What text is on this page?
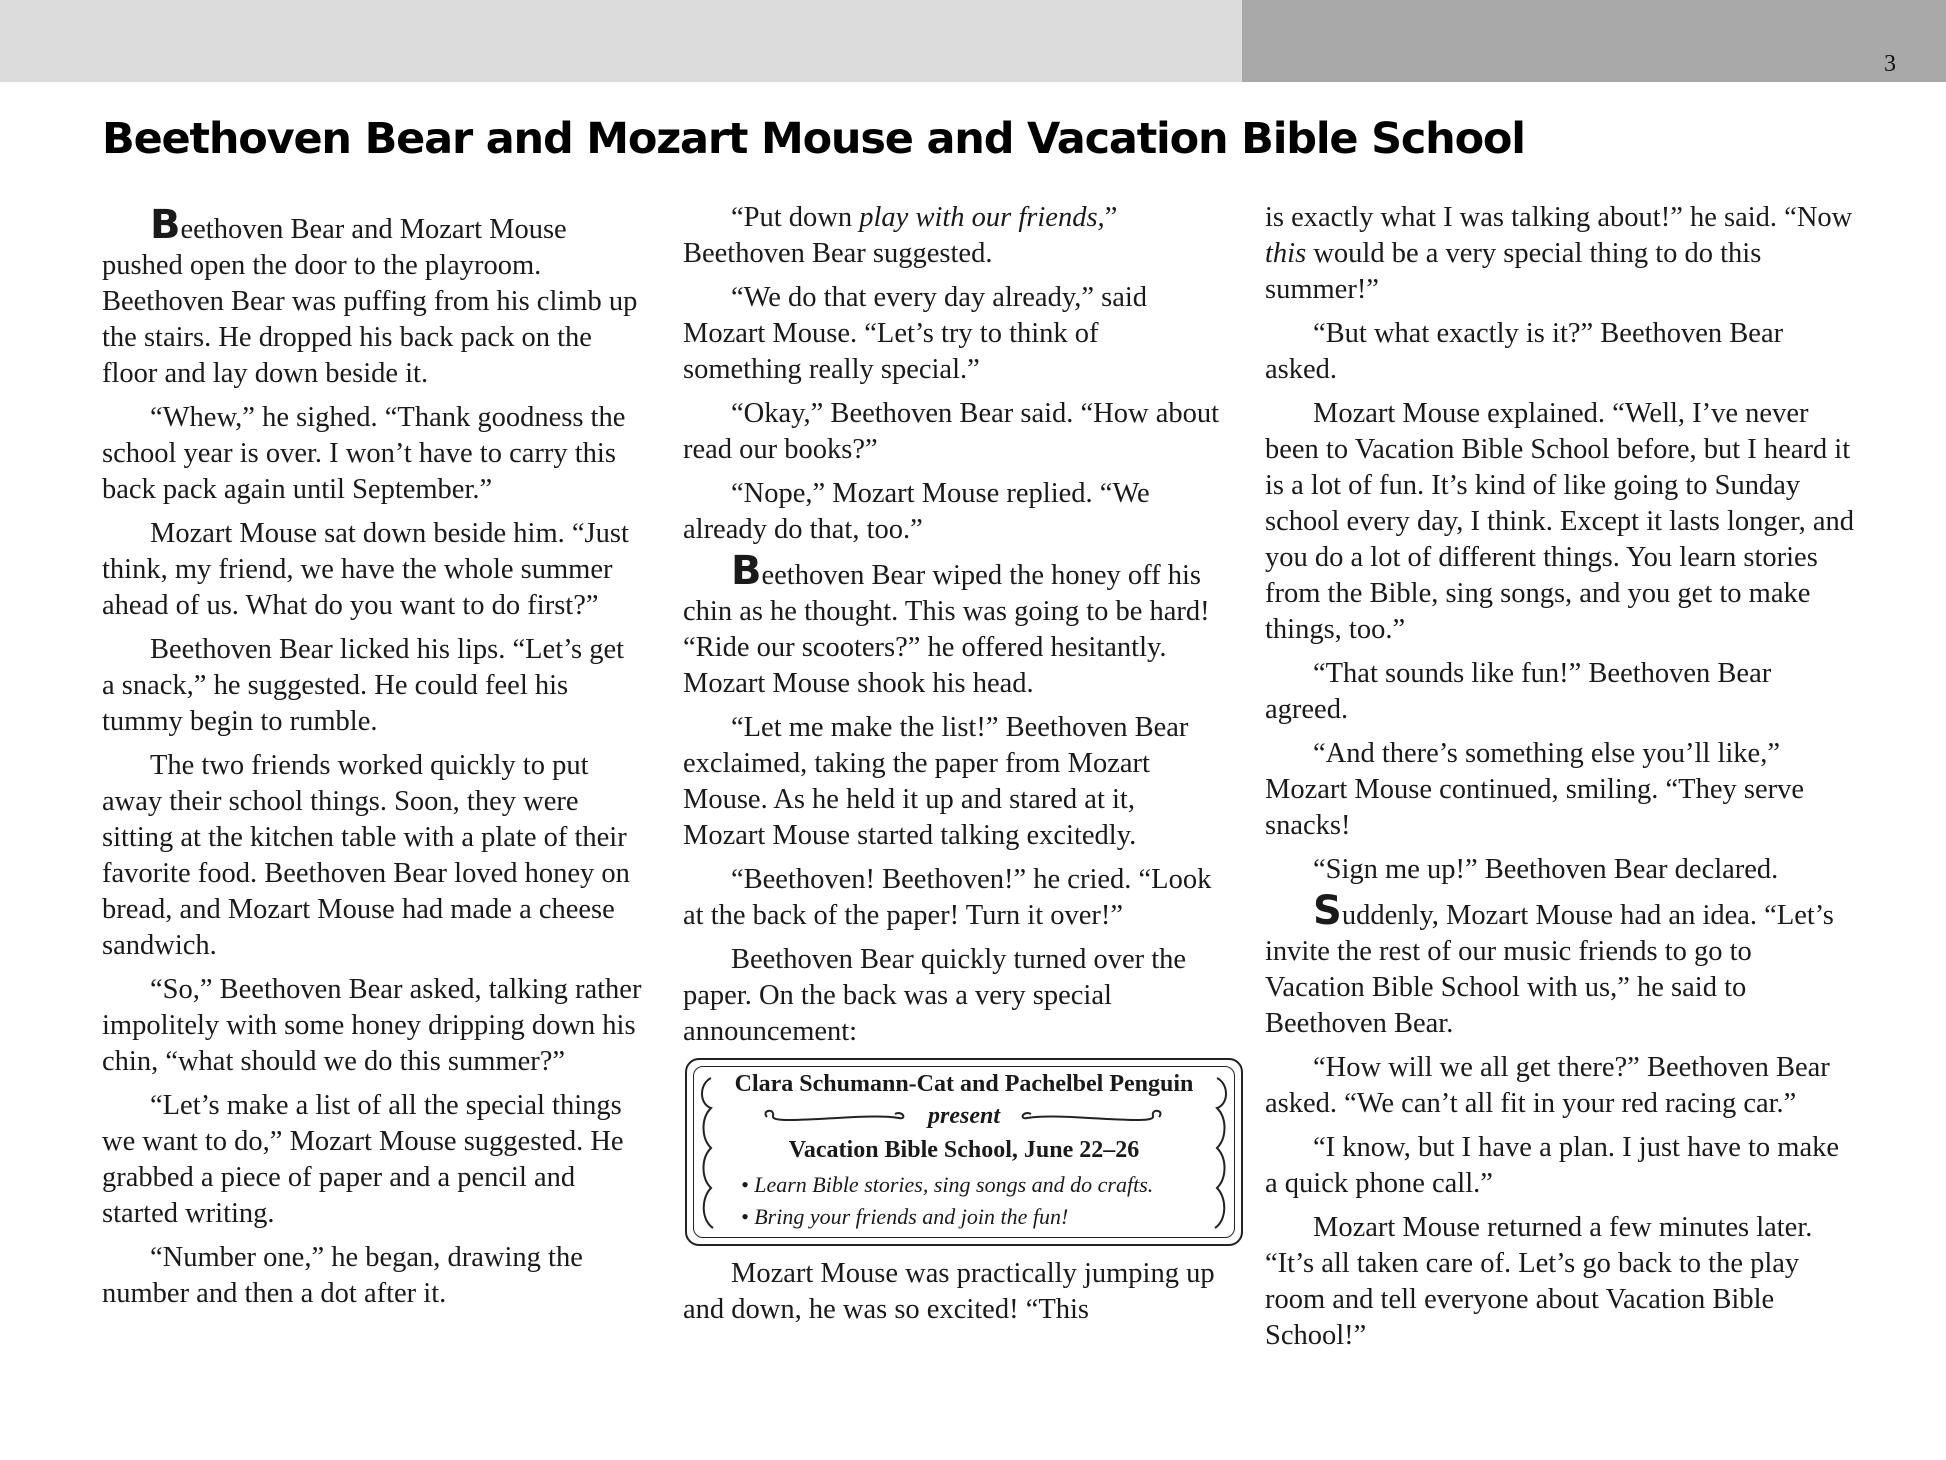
3
Beethoven Bear and Mozart Mouse and Vacation Bible School

Beethoven Bear and Mozart Mouse pushed open the door to the playroom. Beethoven Bear was puffing from his climb up the stairs. He dropped his back pack on the floor and lay down beside it.

“Whew,” he sighed. “Thank goodness the school year is over. I won’t have to carry this back pack again until September.”

Mozart Mouse sat down beside him. “Just think, my friend, we have the whole summer ahead of us. What do you want to do first?”

Beethoven Bear licked his lips. “Let’s get a snack,” he suggested. He could feel his tummy begin to rumble.

The two friends worked quickly to put away their school things. Soon, they were sitting at the kitchen table with a plate of their favorite food. Beethoven Bear loved honey on bread, and Mozart Mouse had made a cheese sandwich.

“So,” Beethoven Bear asked, talking rather impolitely with some honey dripping down his chin, “what should we do this summer?”

“Let’s make a list of all the special things we want to do,” Mozart Mouse suggested. He grabbed a piece of paper and a pencil and started writing.

“Number one,” he began, drawing the number and then a dot after it.

“Put down play with our friends,” Beethoven Bear suggested.

“We do that every day already,” said Mozart Mouse. “Let’s try to think of something really special.”

“Okay,” Beethoven Bear said. “How about read our books?”

“Nope,” Mozart Mouse replied. “We already do that, too.”

Beethoven Bear wiped the honey off his chin as he thought. This was going to be hard! “Ride our scooters?” he offered hesitantly. Mozart Mouse shook his head.

“Let me make the list!” Beethoven Bear exclaimed, taking the paper from Mozart Mouse. As he held it up and stared at it, Mozart Mouse started talking excitedly.

“Beethoven! Beethoven!” he cried. “Look at the back of the paper! Turn it over!”

Beethoven Bear quickly turned over the paper. On the back was a very special announcement:

Clara Schumann-Cat and Pachelbel Penguin
present
Vacation Bible School, June 22–26
• Learn Bible stories, sing songs and do crafts.
• Bring your friends and join the fun!

Mozart Mouse was practically jumping up and down, he was so excited! “This

is exactly what I was talking about!” he said. “Now this would be a very special thing to do this summer!”

“But what exactly is it?” Beethoven Bear asked.

Mozart Mouse explained. “Well, I’ve never been to Vacation Bible School before, but I heard it is a lot of fun. It’s kind of like going to Sunday school every day, I think. Except it lasts longer, and you do a lot of different things. You learn stories from the Bible, sing songs, and you get to make things, too.”

“That sounds like fun!” Beethoven Bear agreed.

“And there’s something else you’ll like,” Mozart Mouse continued, smiling. “They serve snacks!

“Sign me up!” Beethoven Bear declared.

Suddenly, Mozart Mouse had an idea. “Let’s invite the rest of our music friends to go to Vacation Bible School with us,” he said to Beethoven Bear.

“How will we all get there?” Beethoven Bear asked. “We can’t all fit in your red racing car.”

“I know, but I have a plan. I just have to make a quick phone call.”

Mozart Mouse returned a few minutes later. “It’s all taken care of. Let’s go back to the play room and tell everyone about Vacation Bible School!”
